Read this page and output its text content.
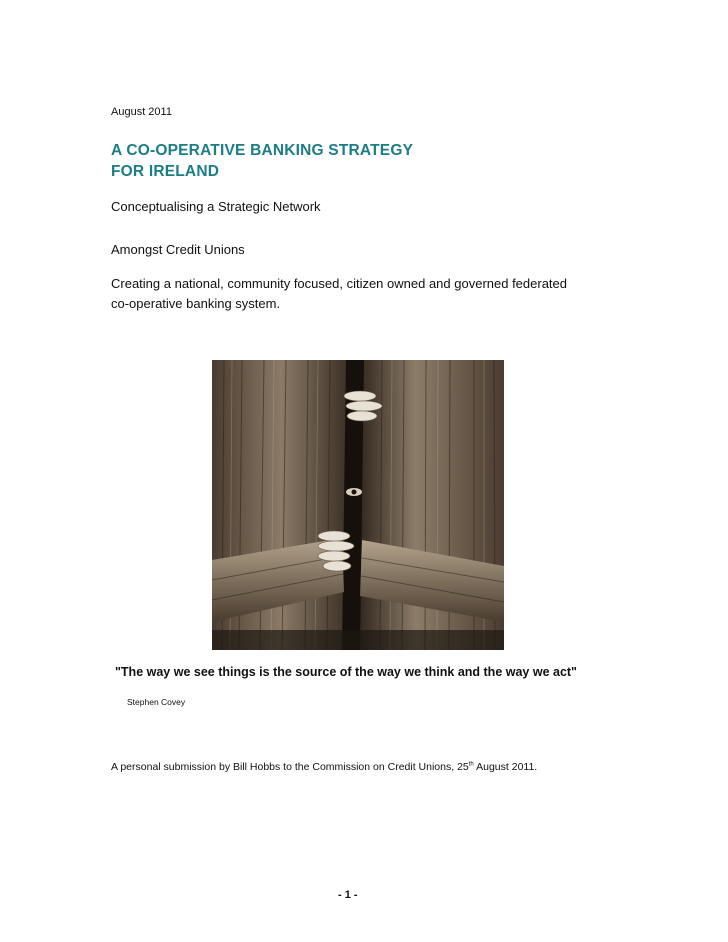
August 2011
A CO-OPERATIVE BANKING STRATEGY
FOR IRELAND
Conceptualising a Strategic Network
Amongst Credit Unions
Creating a national, community focused, citizen owned and governed federated
co-operative banking system.
"The way we see things is the source of the way we think and the way we act"
Stephen Covey
A personal submission by Bill Hobbs to the Commission on Credit Unions, 25th August 2011.
- 1 -
